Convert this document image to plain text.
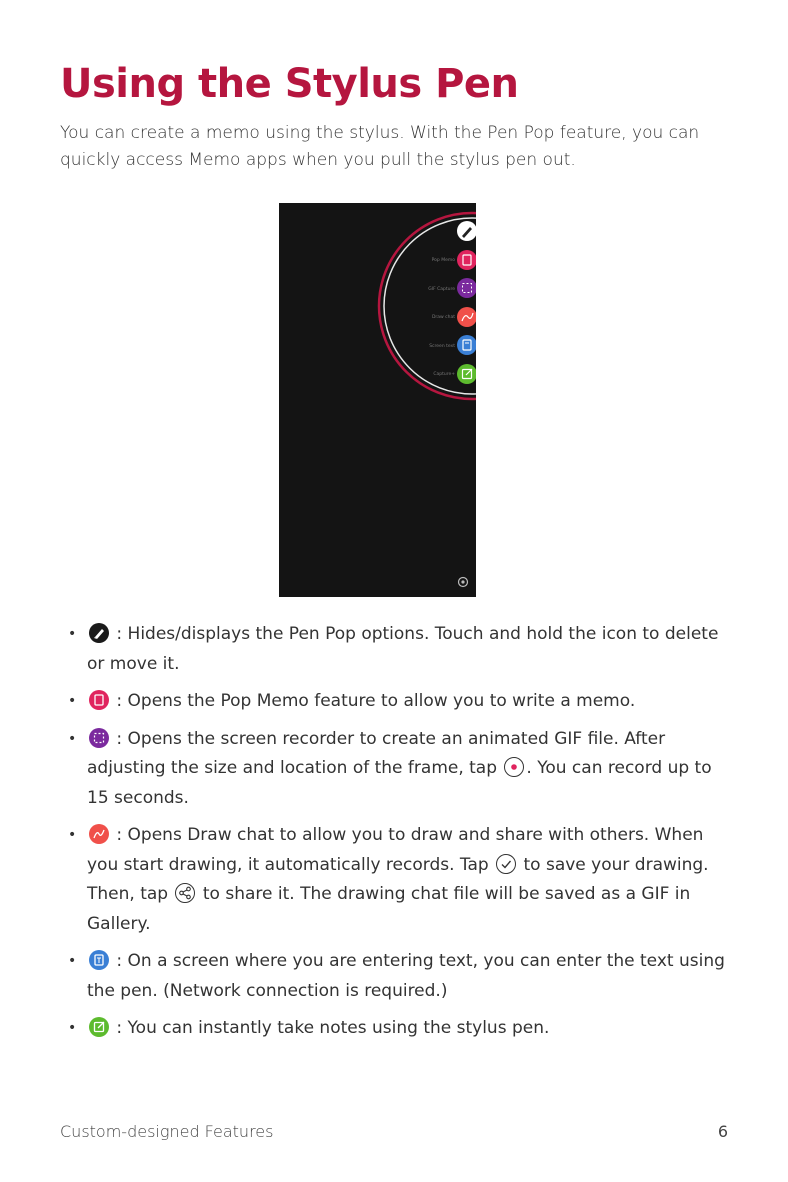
Using the Stylus Pen

You can create a memo using the stylus. With the Pen Pop feature, you can quickly access Memo apps when you pull the stylus pen out.

Pop Memo
GIF Capture
Draw chat
Screen text
Capture+
• : Hides/displays the Pen Pop options. Touch and hold the icon to delete or move it.
• : Opens the Pop Memo feature to allow you to write a memo.
• : Opens the screen recorder to create an animated GIF file. After adjusting the size and location of the frame, tap
. You can record up to 15 seconds.
• : Opens Draw chat to allow you to draw and share with others. When you start drawing, it automatically records. Tap
to save your drawing. Then, tap
to share it. The drawing chat file will be saved as a GIF in Gallery.
• : On a screen where you are entering text, you can enter the text using the pen. (Network connection is required.)
• : You can instantly take notes using the stylus pen.
Custom-designed Features	6
